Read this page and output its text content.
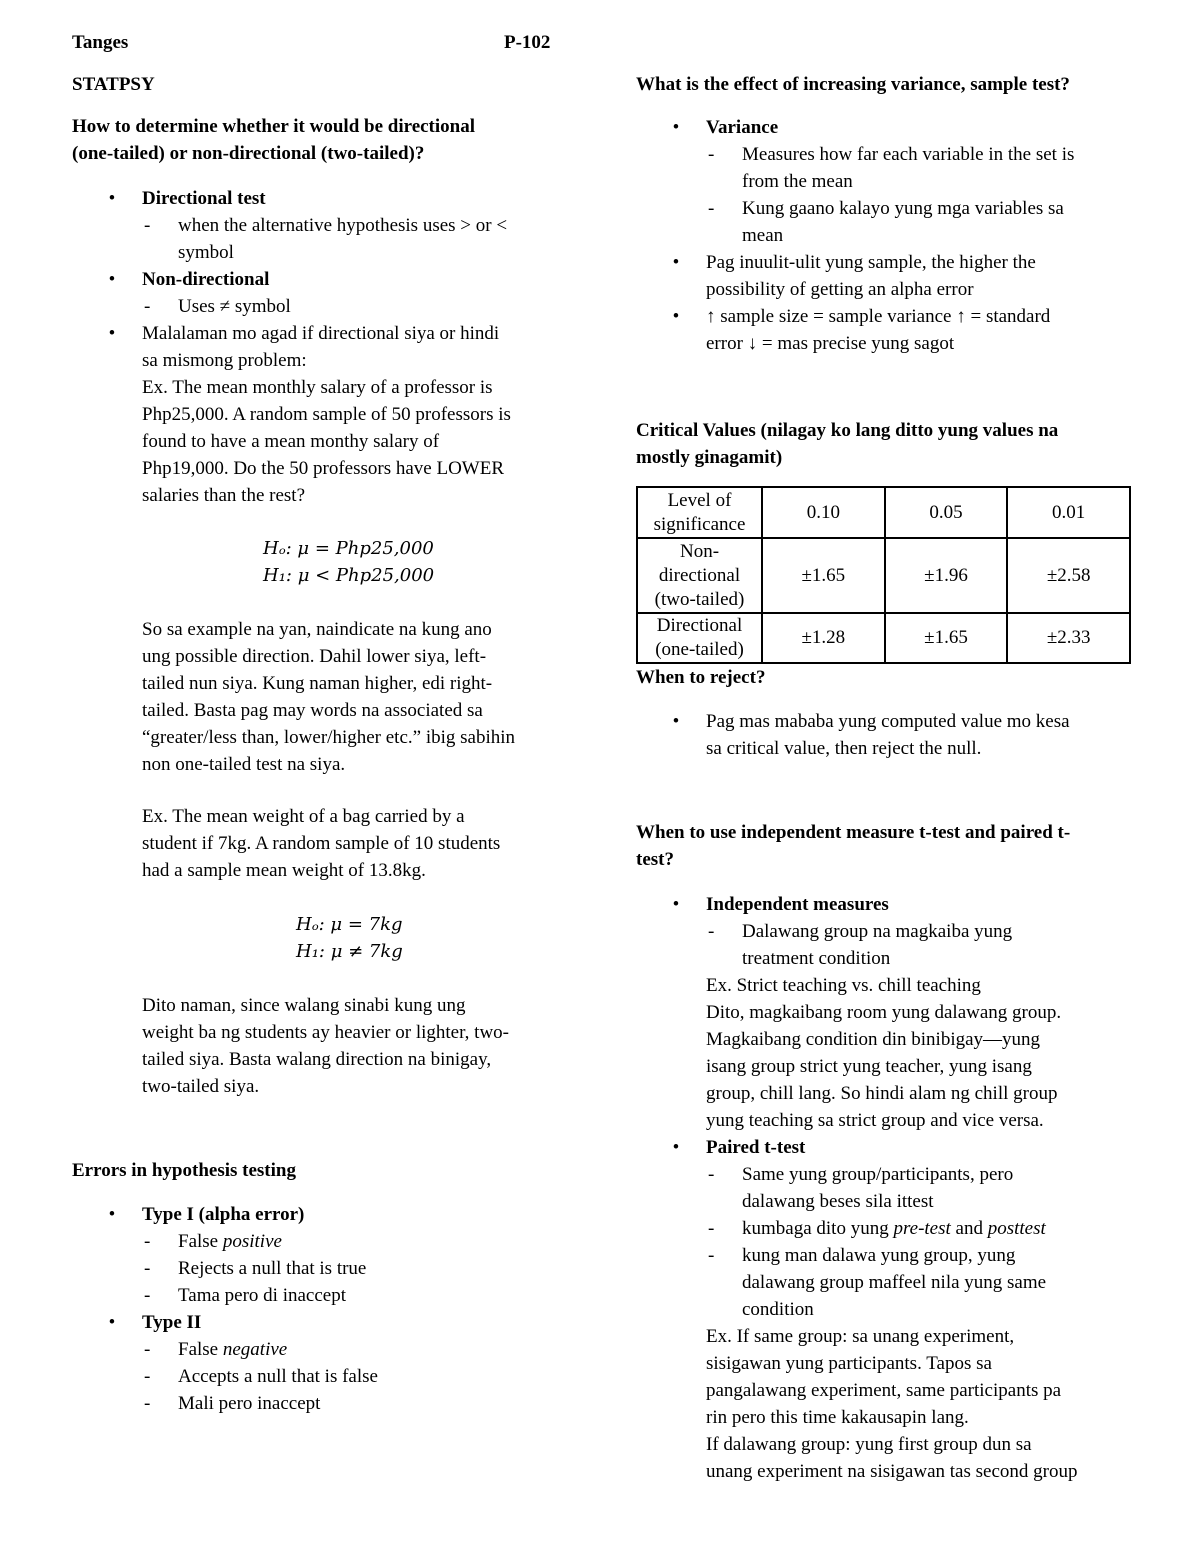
Tanges	P-102
STATPSY

How to determine whether it would be directional

(one-tailed) or non-directional (two-tailed)?

•	Directional test

- when the alternative hypothesis uses > or <

symbol

•	Non-directional

- Uses ≠ symbol

•	Malalaman mo agad if directional siya or hindi

sa mismong problem:

Ex. The mean monthly salary of a professor is

Php25,000. A random sample of 50 professors is

found to have a mean monthy salary of

Php19,000. Do the 50 professors have LOWER

salaries than the rest?

Hₒ: μ = Php25,000

H₁: μ < Php25,000

So sa example na yan, naindicate na kung ano

ung possible direction. Dahil lower siya, left-

tailed nun siya. Kung naman higher, edi right-

tailed. Basta pag may words na associated sa

“greater/less than, lower/higher etc.” ibig sabihin

non one-tailed test na siya.

Ex. The mean weight of a bag carried by a

student if 7kg. A random sample of 10 students

had a sample mean weight of 13.8kg.

Hₒ: μ = 7kg

H₁: μ ≠ 7kg

Dito naman, since walang sinabi kung ung

weight ba ng students ay heavier or lighter, two-

tailed siya. Basta walang direction na binigay,

two-tailed siya.

Errors in hypothesis testing
•	Type I (alpha error)

- False positive

- Rejects a null that is true

- Tama pero di inaccept

•	Type II

- False negative

- Accepts a null that is false

- Mali pero inaccept

What is the effect of increasing variance, sample test?
•	Variance

- Measures how far each variable in the set is

from the mean

- Kung gaano kalayo yung mga variables sa

mean

•	Pag inuulit-ulit yung sample, the higher the

possibility of getting an alpha error

•	↑ sample size = sample variance ↑ = standard

error ↓ = mas precise yung sagot

Critical Values (nilagay ko lang ditto yung values na

mostly ginagamit)

Level of significance	0.10	0.05	0.01
Non-directional (two-tailed)	±1.65	±1.96	±2.58
Directional (one-tailed)	±1.28	±1.65	±2.33
When to reject?
•	Pag mas mababa yung computed value mo kesa

sa critical value, then reject the null.

When to use independent measure t-test and paired t-

test?

•	Independent measures

- Dalawang group na magkaiba yung

treatment condition

Ex. Strict teaching vs. chill teaching

Dito, magkaibang room yung dalawang group.

Magkaibang condition din binibigay—yung

isang group strict yung teacher, yung isang

group, chill lang. So hindi alam ng chill group

yung teaching sa strict group and vice versa.

•	Paired t-test

- Same yung group/participants, pero

dalawang beses sila ittest

- kumbaga dito yung pre-test and posttest

- kung man dalawa yung group, yung

dalawang group maffeel nila yung same

condition

Ex. If same group: sa unang experiment,

sisigawan yung participants. Tapos sa

pangalawang experiment, same participants pa

rin pero this time kakausapin lang.

If dalawang group: yung first group dun sa

unang experiment na sisigawan tas second group
